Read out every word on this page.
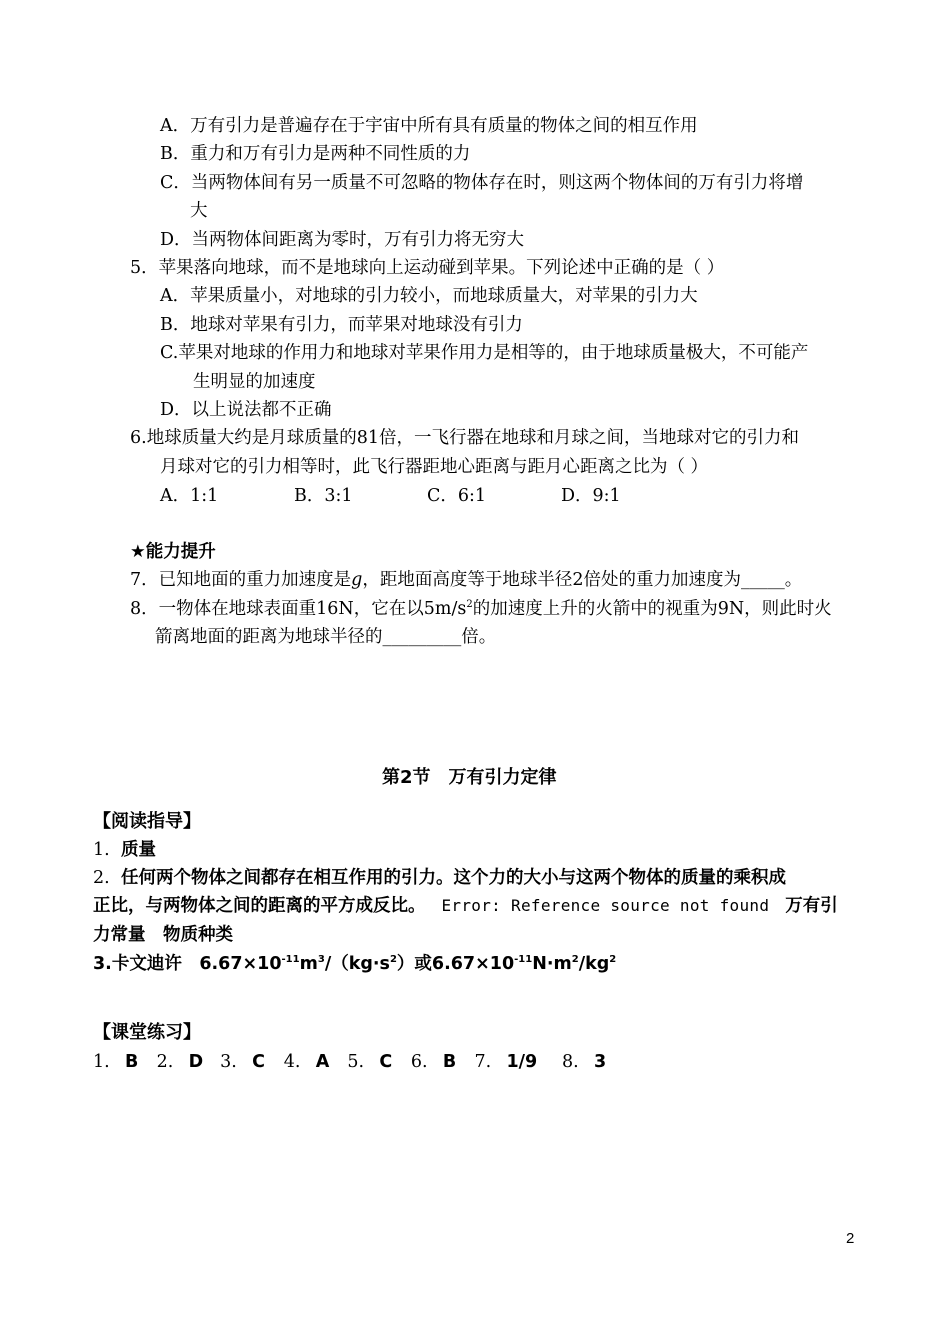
A．万有引力是普遍存在于宇宙中所有具有质量的物体之间的相互作用
B．重力和万有引力是两种不同性质的力
C．当两物体间有另一质量不可忽略的物体存在时，则这两个物体间的万有引力将增
大
D．当两物体间距离为零时，万有引力将无穷大
5．苹果落向地球，而不是地球向上运动碰到苹果。下列论述中正确的是（ ）
A．苹果质量小，对地球的引力较小，而地球质量大，对苹果的引力大
B．地球对苹果有引力，而苹果对地球没有引力
C.苹果对地球的作用力和地球对苹果作用力是相等的，由于地球质量极大，不可能产
生明显的加速度
D．以上说法都不正确
6.地球质量大约是月球质量的81倍，一飞行器在地球和月球之间，当地球对它的引力和
月球对它的引力相等时，此飞行器距地心距离与距月心距离之比为（ ）
A．1:1	B．3:1	C．6:1	D．9:1
★能力提升
7．已知地面的重力加速度是g，距地面高度等于地球半径2倍处的重力加速度为_____。
8．一物体在地球表面重16N，它在以$5m/s^2$的加速度上升的火箭中的视重为9N，则此时火
箭离地面的距离为地球半径的_________倍。
第2节　万有引力定律
【阅读指导】
1. 质量
2. 任何两个物体之间都存在相互作用的引力。这个力的大小与这两个物体的质量的乘积成
正比，与两物体之间的距离的平方成反比。 Error: Reference source not found 万有引
力常量　物质种类
3.卡文迪许　$6.67\times 10^{-11}m^3/(kg\cdot s^2)$或$6.67\times 10^{-11}N\cdot m^2/kg^2$
【课堂练习】
1. B 2. D 3. C 4. A 5. C 6. B 7. 1/9 8. 3
2
